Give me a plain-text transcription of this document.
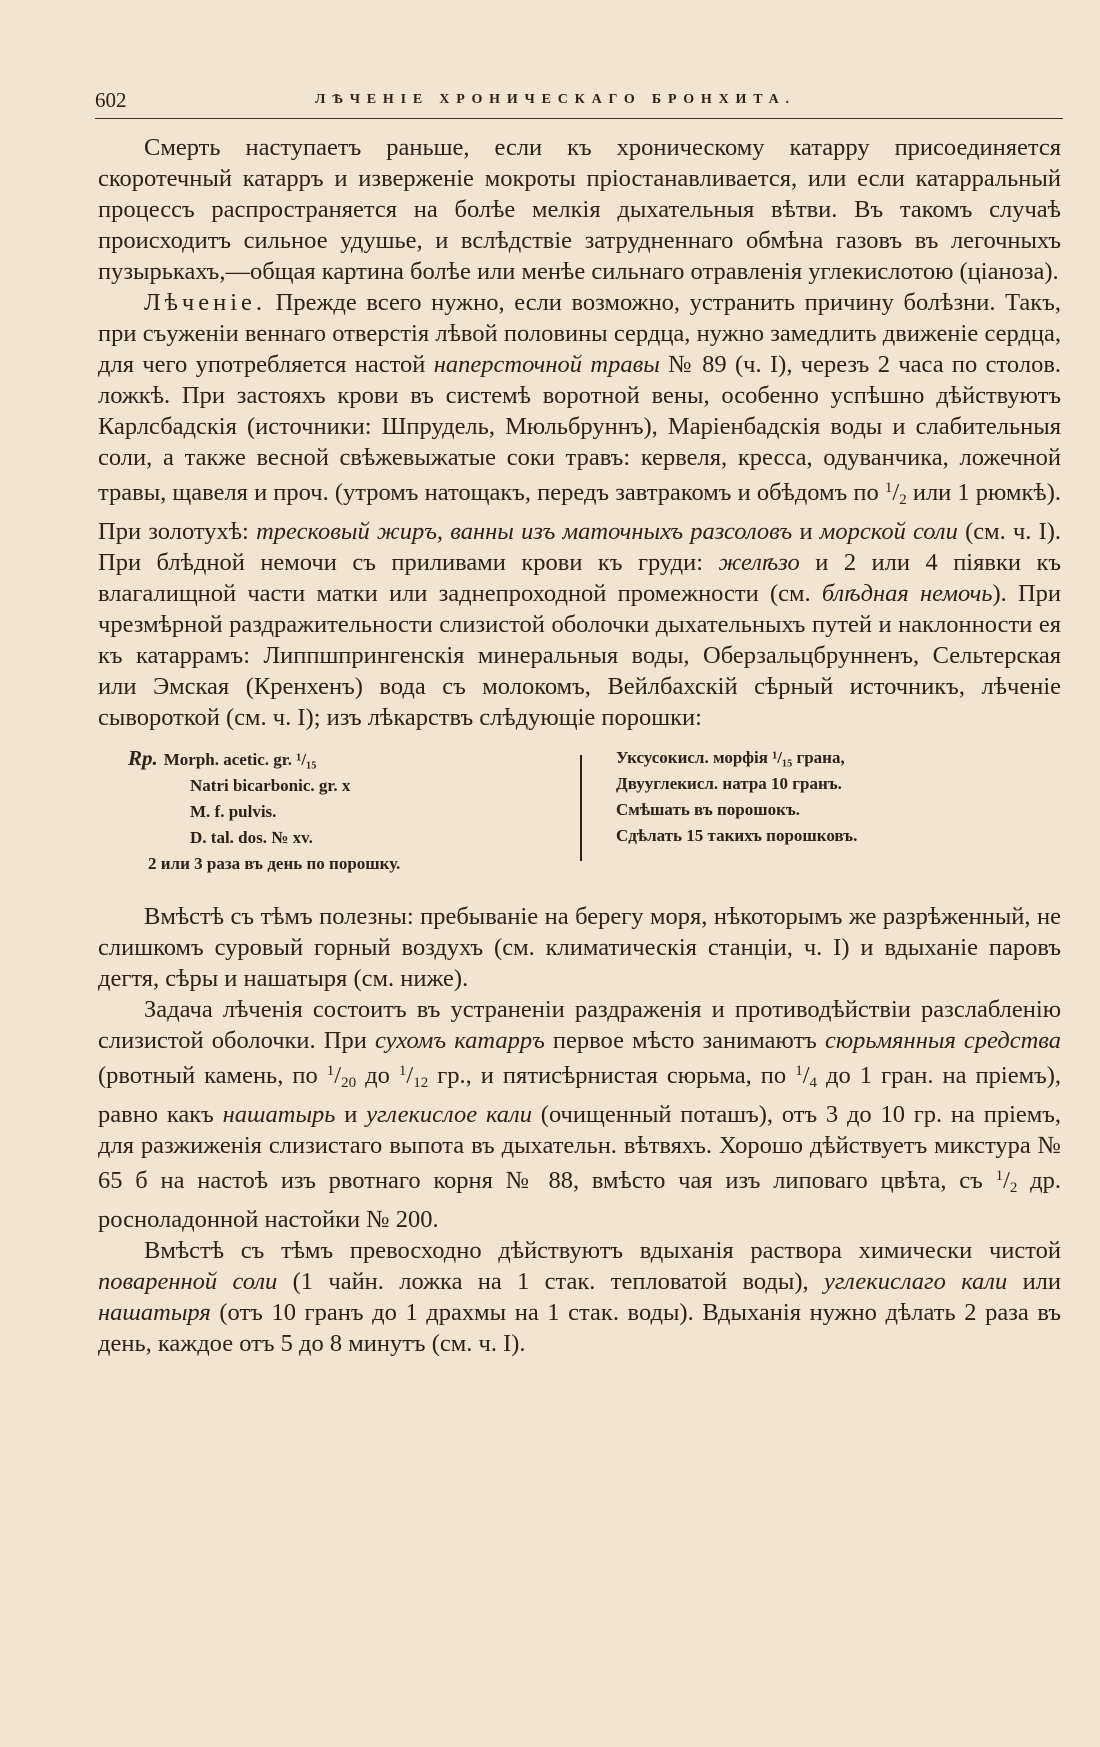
602	ЛѢЧЕНІЕ ХРОНИЧЕСКАГО БРОНХИТА.

Смерть наступаетъ раньше, если къ хроническому катарру присоединяется скоротечный катарръ и изверженіе мокроты пріостанавливается, или если катарральный процессъ распространяется на болѣе мелкія дыхательныя вѣтви. Въ такомъ случаѣ происходитъ сильное удушье, и вслѣдствіе затрудненнаго обмѣна газовъ въ легочныхъ пузырькахъ,—общая картина болѣе или менѣе сильнаго отравленія углекислотою (ціаноза).

Лѣченіе. Прежде всего нужно, если возможно, устранить причину болѣзни. Такъ, при съуженіи веннаго отверстія лѣвой половины сердца, нужно замедлить движеніе сердца, для чего употребляется настой наперсточной травы № 89 (ч. I), черезъ 2 часа по столов. ложкѣ. При застояхъ крови въ системѣ воротной вены, особенно успѣшно дѣйствуютъ Карлсбадскія (источники: Шпрудель, Мюльбруннъ), Маріенбадскія воды и слабительныя соли, а также весной свѣжевыжатые соки травъ: кервеля, кресса, одуванчика, ложечной травы, щавеля и проч. (утромъ натощакъ, передъ завтракомъ и обѣдомъ по $^1/_2$ или 1 рюмкѣ). При золотухѣ: тресковый жиръ, ванны изъ маточныхъ разсоловъ и морской соли (см. ч. I). При блѣдной немочи съ приливами крови къ груди: желѣзо и 2 или 4 піявки къ влагалищной части матки или заднепроходной промежности (см. блѣдная немочь). При чрезмѣрной раздражительности слизистой оболочки дыхательныхъ путей и наклонности ея къ катаррамъ: Липпшпрингенскія минеральныя воды, Оберзальцбруннeнъ, Сельтерская или Эмская (Кренхенъ) вода съ молокомъ, Вейлбахскій сѣрный источникъ, лѣченіе сывороткой (см. ч. I); изъ лѣкарствъ слѣдующіе порошки:

Rp. Morph. acetic. gr. ¹/₁₅
Natri bicarbonic. gr. x
M. f. pulvis.
D. tal. dos. № xv.
Уксусокисл. морфія ¹/₁₅ грана,
Двууглекисл. натра 10 гранъ.
Смѣшать въ порошокъ.
Сдѣлать 15 такихъ порошковъ.
2 или 3 раза въ день по порошку.

Вмѣстѣ съ тѣмъ полезны: пребываніе на берегу моря, нѣкоторымъ же разрѣженный, не слишкомъ суровый горный воздухъ (см. климатическія станціи, ч. I) и вдыханіе паровъ дегтя, сѣры и нашатыря (см. ниже).

Задача лѣченія состоитъ въ устраненіи раздраженія и противодѣйствіи разслабленію слизистой оболочки. При сухомъ катарръ первое мѣсто занимаютъ сюрьмянныя средства (рвотный камень, по $^1/_{20}$ до $^1/_{12}$ гр., и пятисѣрнистая сюрьма, по $^1/_4$ до 1 гран. на пріемъ), равно какъ нашатырь и углекислое кали (очищенный поташъ), отъ 3 до 10 гр. на пріемъ, для разжиженія слизистаго выпота въ дыхательн. вѣтвяхъ. Хорошо дѣйствуетъ микстура № 65 б на настоѣ изъ рвотнаго корня № 88, вмѣсто чая изъ липоваго цвѣта, съ $^1/_2$ др. росноладонной настойки № 200.

Вмѣстѣ съ тѣмъ превосходно дѣйствуютъ вдыханія раствора химически чистой поваренной соли (1 чайн. ложка на 1 стак. тепловатой воды), углекислаго кали или нашатыря (отъ 10 гранъ до 1 драхмы на 1 стак. воды). Вдыханія нужно дѣлать 2 раза въ день, каждое отъ 5 до 8 минутъ (см. ч. I).
